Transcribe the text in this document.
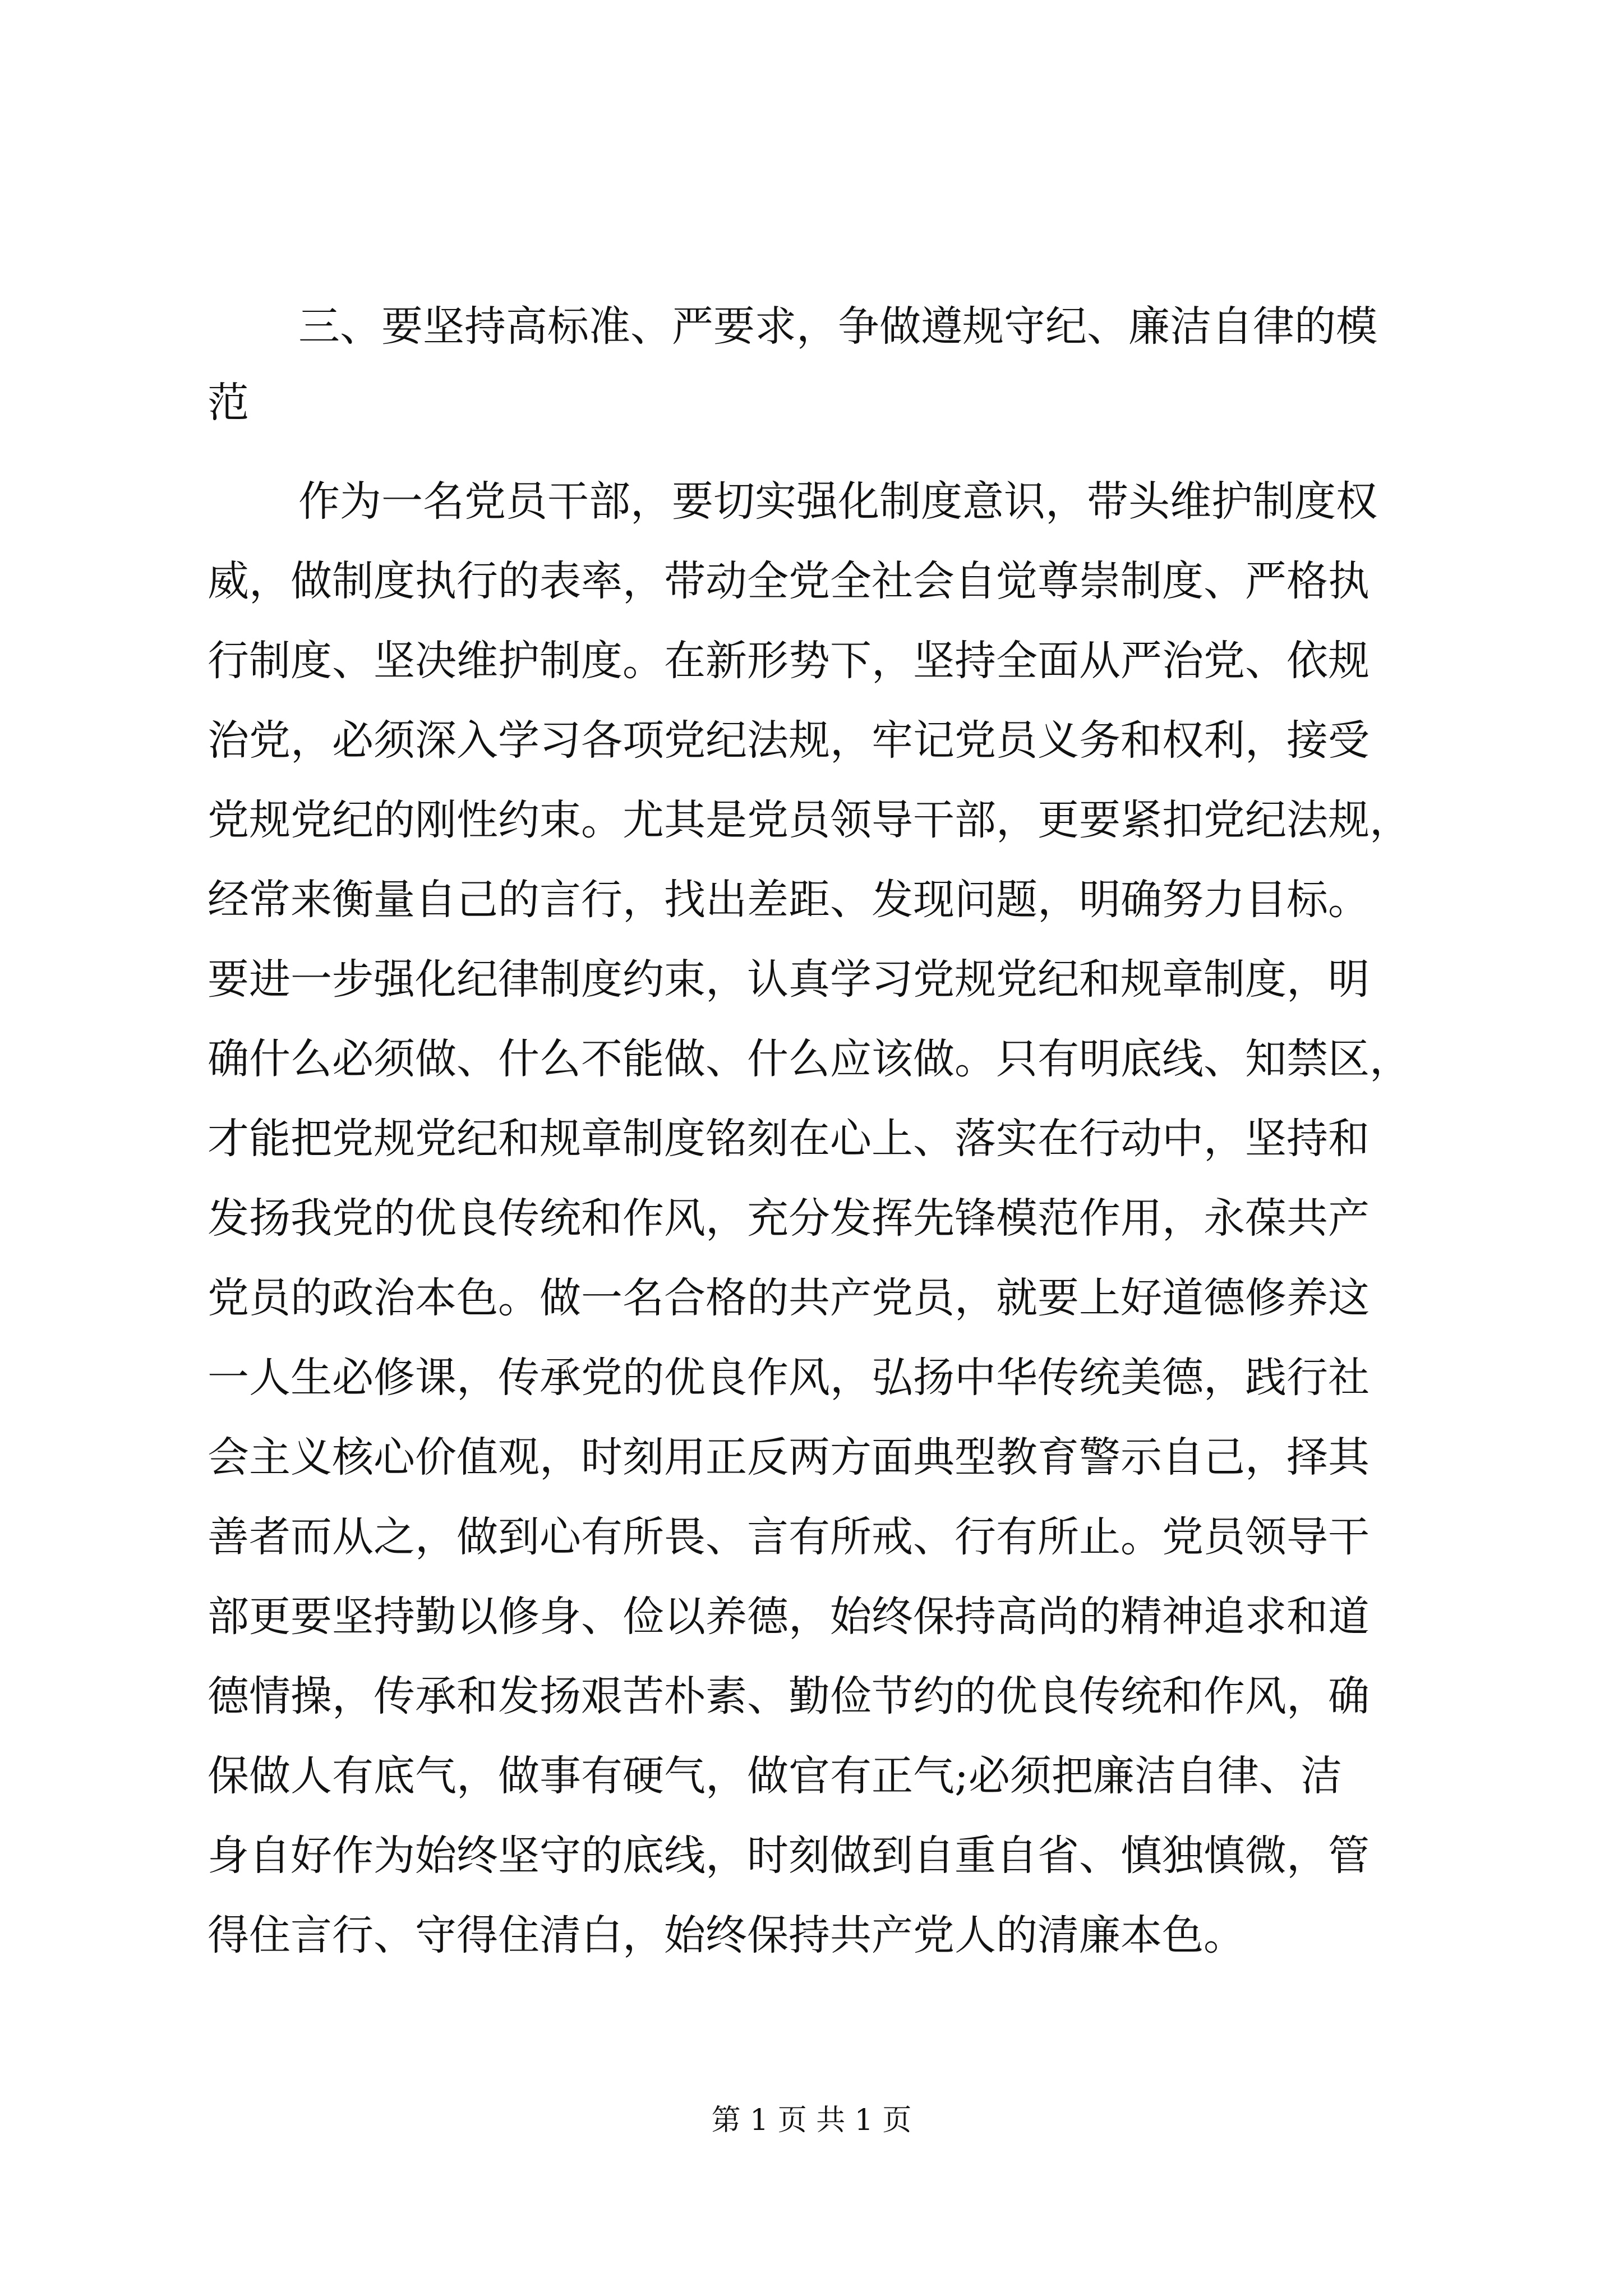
三、要坚持高标准、严要求，争做遵规守纪、廉洁自律的模
范
作为一名党员干部，要切实强化制度意识，带头维护制度权
威，做制度执行的表率，带动全党全社会自觉尊崇制度、严格执
行制度、坚决维护制度。在新形势下，坚持全面从严治党、依规
治党，必须深入学习各项党纪法规，牢记党员义务和权利，接受
党规党纪的刚性约束。尤其是党员领导干部，更要紧扣党纪法规，
经常来衡量自己的言行，找出差距、发现问题，明确努力目标。
要进一步强化纪律制度约束，认真学习党规党纪和规章制度，明
确什么必须做、什么不能做、什么应该做。只有明底线、知禁区，
才能把党规党纪和规章制度铭刻在心上、落实在行动中，坚持和
发扬我党的优良传统和作风，充分发挥先锋模范作用，永葆共产
党员的政治本色。做一名合格的共产党员，就要上好道德修养这
一人生必修课，传承党的优良作风，弘扬中华传统美德，践行社
会主义核心价值观，时刻用正反两方面典型教育警示自己，择其
善者而从之，做到心有所畏、言有所戒、行有所止。党员领导干
部更要坚持勤以修身、俭以养德，始终保持高尚的精神追求和道
德情操，传承和发扬艰苦朴素、勤俭节约的优良传统和作风，确
保做人有底气，做事有硬气，做官有正气;必须把廉洁自律、洁
身自好作为始终坚守的底线，时刻做到自重自省、慎独慎微，管
得住言行、守得住清白，始终保持共产党人的清廉本色。
第 1 页 共 1 页
